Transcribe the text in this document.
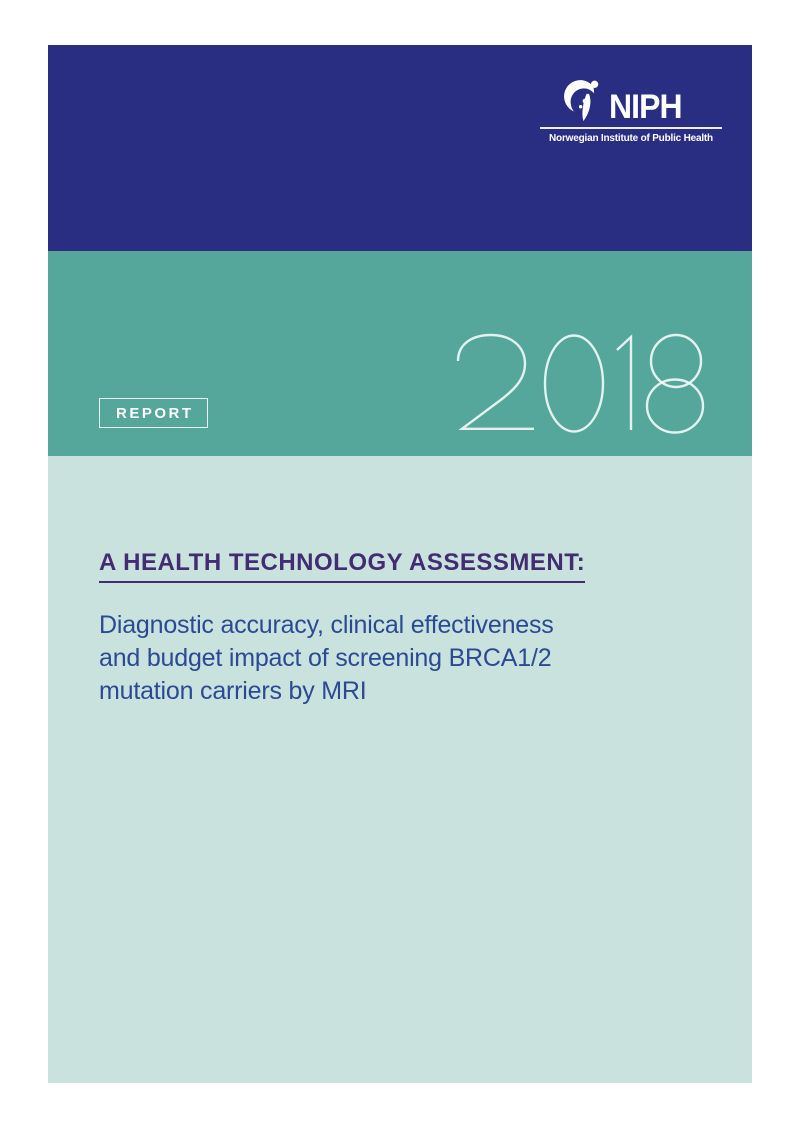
NIPH
Norwegian Institute of Public Health
REPORT
A HEALTH TECHNOLOGY ASSESSMENT:

Diagnostic accuracy, clinical effectiveness
and budget impact of screening BRCA1/2
mutation carriers by MRI
